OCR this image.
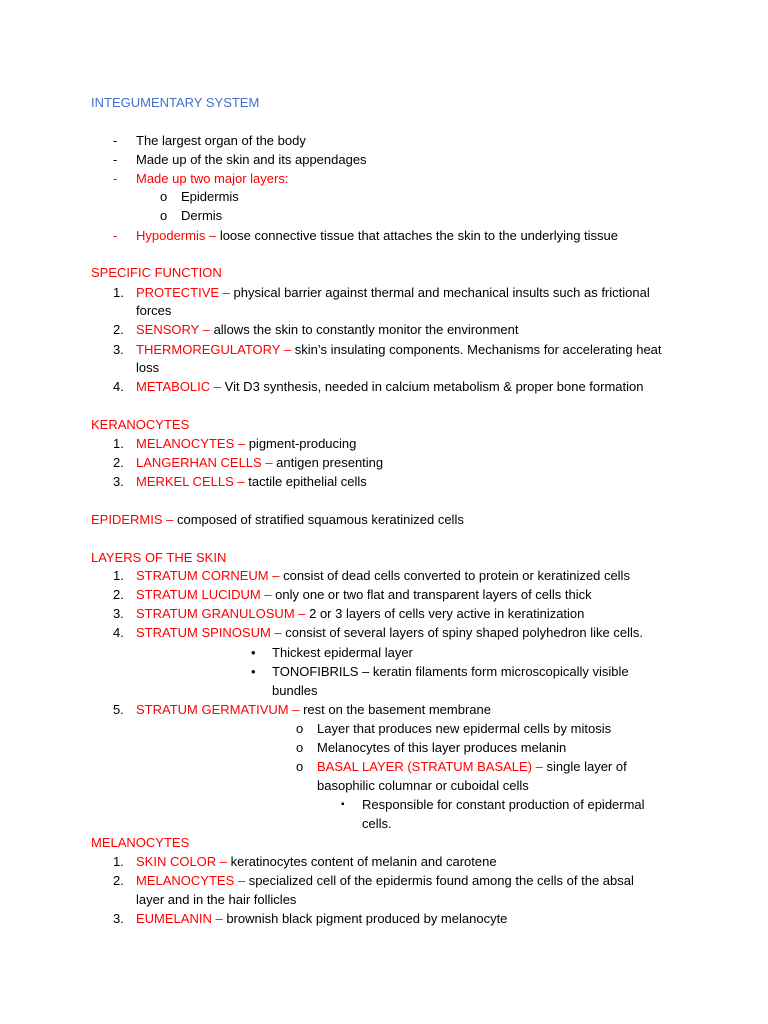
INTEGUMENTARY SYSTEM
- The largest organ of the body
- Made up of the skin and its appendages
- Made up two major layers:
o Epidermis
o Dermis
- Hypodermis – loose connective tissue that attaches the skin to the underlying tissue
SPECIFIC FUNCTION
1. PROTECTIVE – physical barrier against thermal and mechanical insults such as frictional
forces
2. SENSORY – allows the skin to constantly monitor the environment
3. THERMOREGULATORY – skin’s insulating components. Mechanisms for accelerating heat
loss
4. METABOLIC – Vit D3 synthesis, needed in calcium metabolism & proper bone formation
KERANOCYTES
1. MELANOCYTES – pigment-producing
2. LANGERHAN CELLS – antigen presenting
3. MERKEL CELLS – tactile epithelial cells
EPIDERMIS – composed of stratified squamous keratinized cells
LAYERS OF THE SKIN
1. STRATUM CORNEUM – consist of dead cells converted to protein or keratinized cells
2. STRATUM LUCIDUM – only one or two flat and transparent layers of cells thick
3. STRATUM GRANULOSUM – 2 or 3 layers of cells very active in keratinization
4. STRATUM SPINOSUM – consist of several layers of spiny shaped polyhedron like cells.
• Thickest epidermal layer
• TONOFIBRILS – keratin filaments form microscopically visible
bundles
5. STRATUM GERMATIVUM – rest on the basement membrane
o Layer that produces new epidermal cells by mitosis
o Melanocytes of this layer produces melanin
o BASAL LAYER (STRATUM BASALE) – single layer of
basophilic columnar or cuboidal cells
▪ Responsible for constant production of epidermal
cells.
MELANOCYTES
1. SKIN COLOR – keratinocytes content of melanin and carotene
2. MELANOCYTES – specialized cell of the epidermis found among the cells of the absal
layer and in the hair follicles
3. EUMELANIN – brownish black pigment produced by melanocyte
